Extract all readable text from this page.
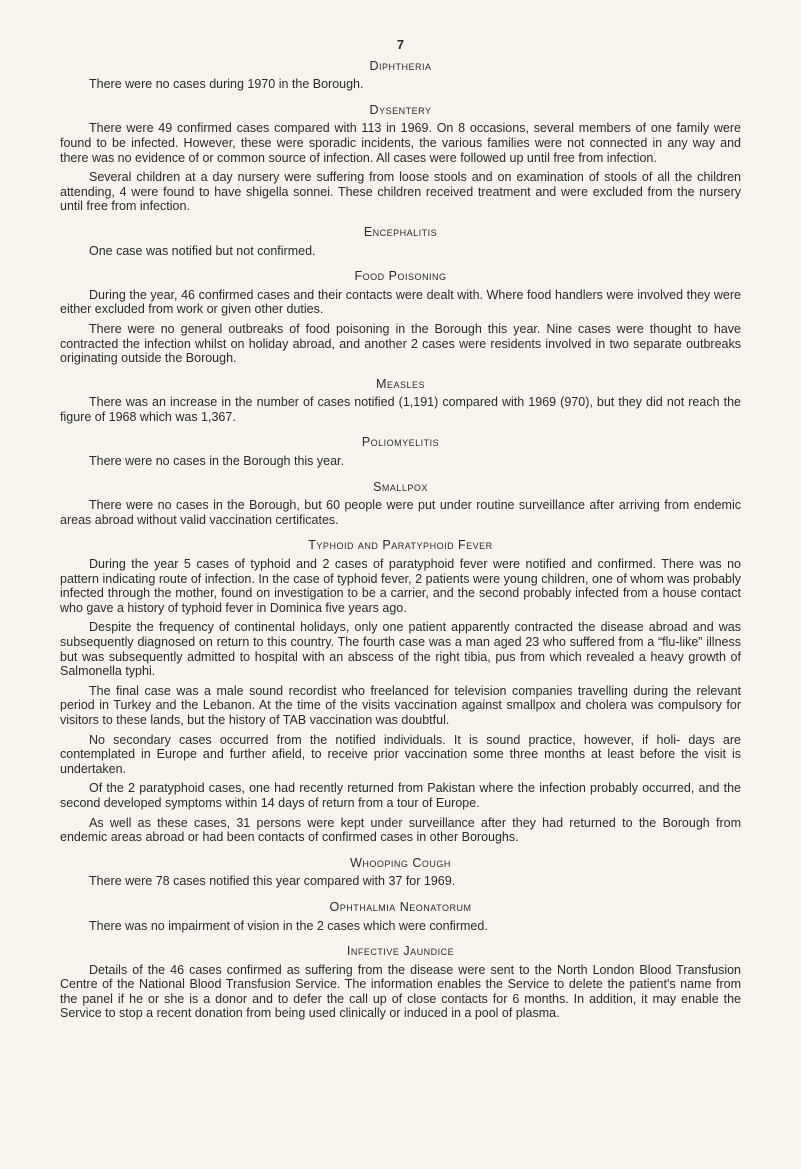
7
Diphtheria

There were no cases during 1970 in the Borough.

Dysentery

There were 49 confirmed cases compared with 113 in 1969. On 8 occasions, several members of one family were found to be infected. However, these were sporadic incidents, the various families were not connected in any way and there was no evidence of or common source of infection. All cases were followed up until free from infection.

Several children at a day nursery were suffering from loose stools and on examination of stools of all the children attending, 4 were found to have shigella sonnei. These children received treatment and were excluded from the nursery until free from infection.

Encephalitis

One case was notified but not confirmed.

Food Poisoning

During the year, 46 confirmed cases and their contacts were dealt with. Where food handlers were involved they were either excluded from work or given other duties.

There were no general outbreaks of food poisoning in the Borough this year. Nine cases were thought to have contracted the infection whilst on holiday abroad, and another 2 cases were residents involved in two separate outbreaks originating outside the Borough.

Measles

There was an increase in the number of cases notified (1,191) compared with 1969 (970), but they did not reach the figure of 1968 which was 1,367.

Poliomyelitis

There were no cases in the Borough this year.

Smallpox

There were no cases in the Borough, but 60 people were put under routine surveillance after arriving from endemic areas abroad without valid vaccination certificates.

Typhoid and Paratyphoid Fever

During the year 5 cases of typhoid and 2 cases of paratyphoid fever were notified and confirmed. There was no pattern indicating route of infection. In the case of typhoid fever, 2 patients were young children, one of whom was probably infected through the mother, found on investigation to be a carrier, and the second probably infected from a house contact who gave a history of typhoid fever in Dominica five years ago.

Despite the frequency of continental holidays, only one patient apparently contracted the disease abroad and was subsequently diagnosed on return to this country. The fourth case was a man aged 23 who suffered from a “flu-like” illness but was subsequently admitted to hospital with an abscess of the right tibia, pus from which revealed a heavy growth of Salmonella typhi.

The final case was a male sound recordist who freelanced for television companies travelling during the relevant period in Turkey and the Lebanon. At the time of the visits vaccination against smallpox and cholera was compulsory for visitors to these lands, but the history of TAB vaccination was doubtful.

No secondary cases occurred from the notified individuals. It is sound practice, however, if holi- days are contemplated in Europe and further afield, to receive prior vaccination some three months at least before the visit is undertaken.

Of the 2 paratyphoid cases, one had recently returned from Pakistan where the infection probably occurred, and the second developed symptoms within 14 days of return from a tour of Europe.

As well as these cases, 31 persons were kept under surveillance after they had returned to the Borough from endemic areas abroad or had been contacts of confirmed cases in other Boroughs.

Whooping Cough

There were 78 cases notified this year compared with 37 for 1969.

Ophthalmia Neonatorum

There was no impairment of vision in the 2 cases which were confirmed.

Infective Jaundice

Details of the 46 cases confirmed as suffering from the disease were sent to the North London Blood Transfusion Centre of the National Blood Transfusion Service. The information enables the Service to delete the patient's name from the panel if he or she is a donor and to defer the call up of close contacts for 6 months. In addition, it may enable the Service to stop a recent donation from being used clinically or induced in a pool of plasma.
